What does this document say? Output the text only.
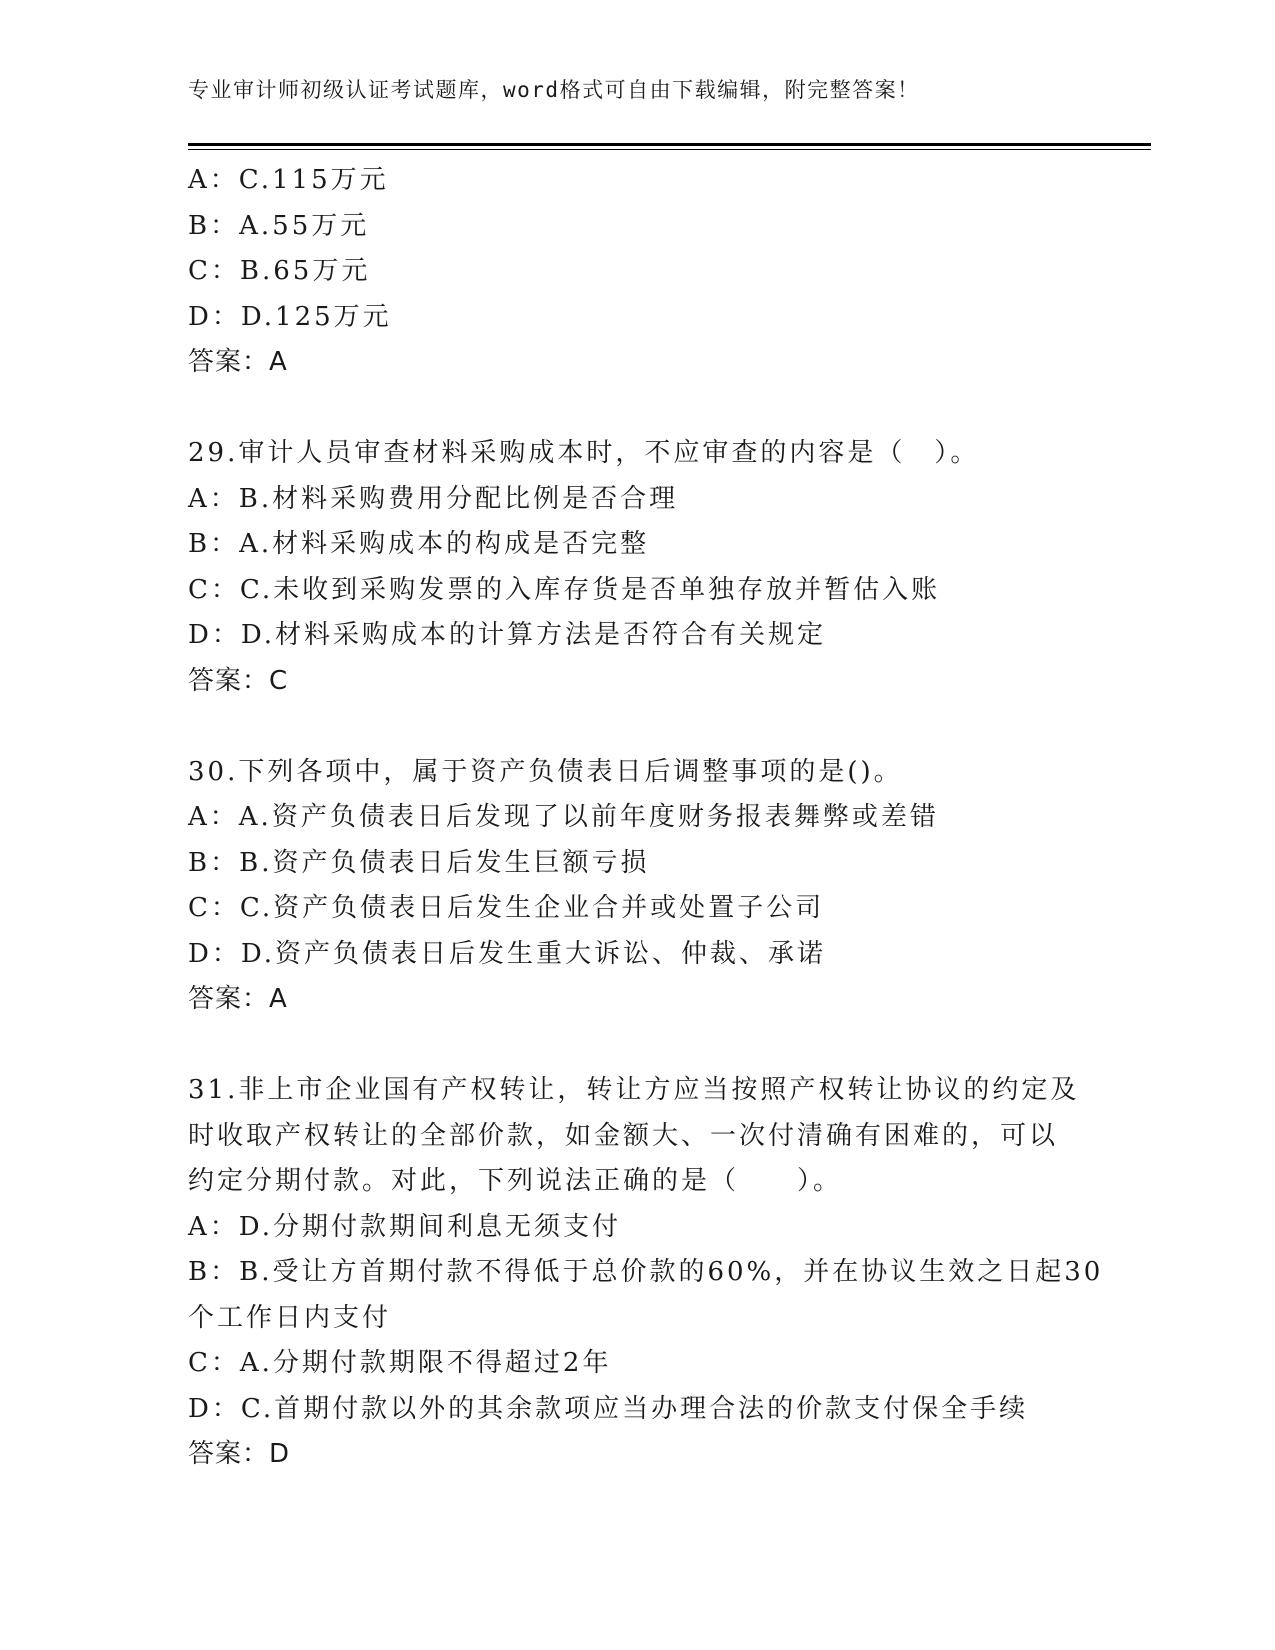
专业审计师初级认证考试题库，word格式可自由下载编辑，附完整答案！
A：C.115万元
B：A.55万元
C：B.65万元
D：D.125万元
答案：A
29.审计人员审查材料采购成本时，不应审查的内容是（　）。
A：B.材料采购费用分配比例是否合理
B：A.材料采购成本的构成是否完整
C：C.未收到采购发票的入库存货是否单独存放并暂估入账
D：D.材料采购成本的计算方法是否符合有关规定
答案：C
30.下列各项中，属于资产负债表日后调整事项的是()。
A：A.资产负债表日后发现了以前年度财务报表舞弊或差错
B：B.资产负债表日后发生巨额亏损
C：C.资产负债表日后发生企业合并或处置子公司
D：D.资产负债表日后发生重大诉讼、仲裁、承诺
答案：A
31.非上市企业国有产权转让，转让方应当按照产权转让协议的约定及
时收取产权转让的全部价款，如金额大、一次付清确有困难的，可以
约定分期付款。对此，下列说法正确的是（　　）。
A：D.分期付款期间利息无须支付
B：B.受让方首期付款不得低于总价款的60%，并在协议生效之日起30
个工作日内支付
C：A.分期付款期限不得超过2年
D：C.首期付款以外的其余款项应当办理合法的价款支付保全手续
答案：D
